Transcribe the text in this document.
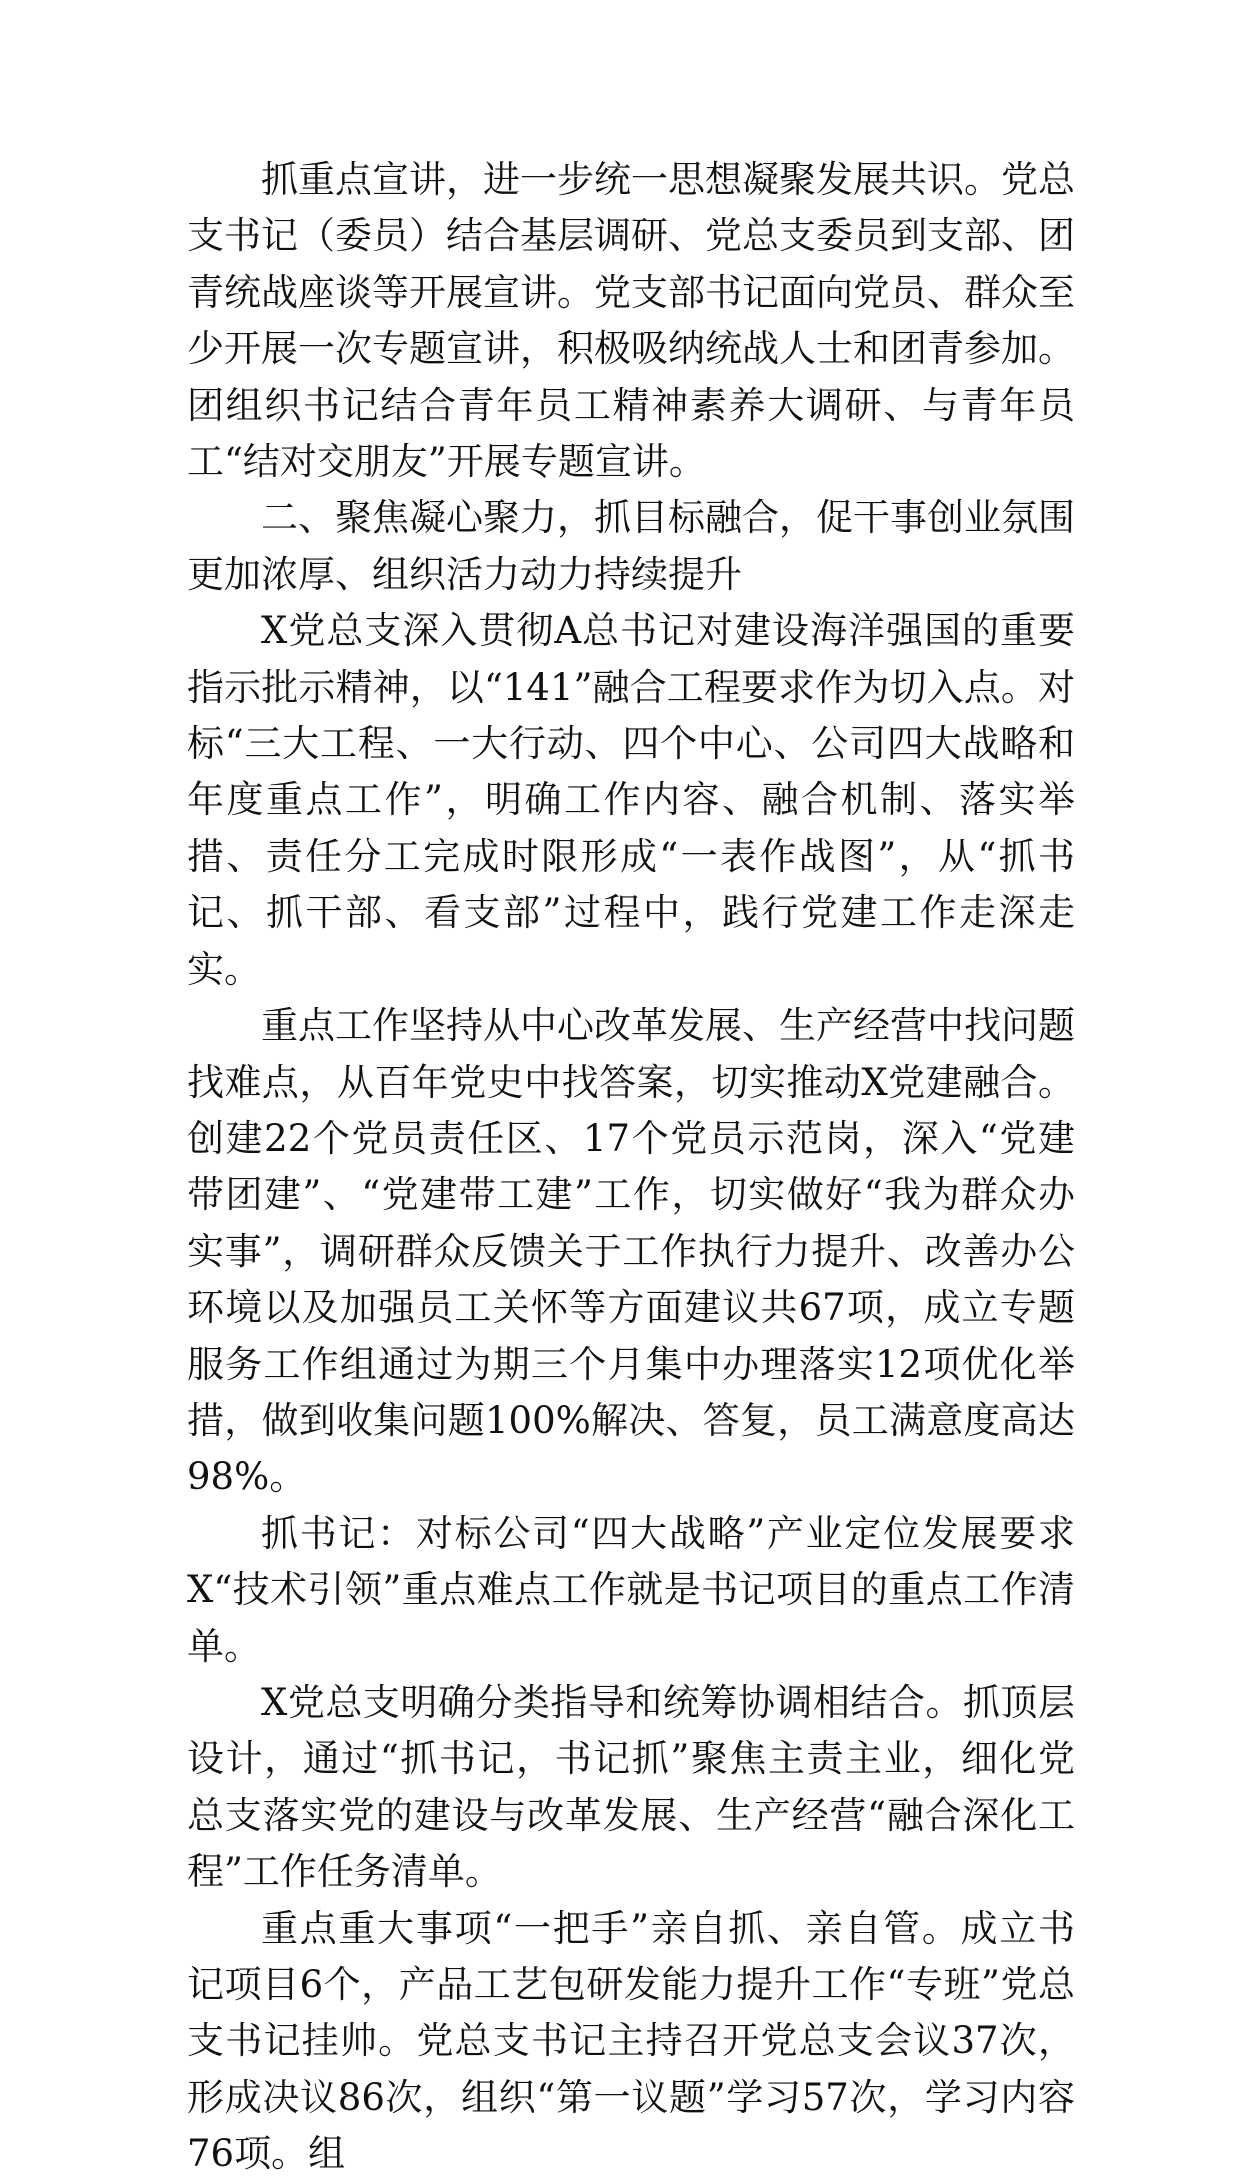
抓重点宣讲，进一步统一思想凝聚发展共识。党总支书记（委员）结合基层调研、党总支委员到支部、团青统战座谈等开展宣讲。党支部书记面向党员、群众至少开展一次专题宣讲，积极吸纳统战人士和团青参加。团组织书记结合青年员工精神素养大调研、与青年员工“结对交朋友”开展专题宣讲。

二、聚焦凝心聚力，抓目标融合，促干事创业氛围更加浓厚、组织活力动力持续提升

X党总支深入贯彻A总书记对建设海洋强国的重要指示批示精神，以“141”融合工程要求作为切入点。对标“三大工程、一大行动、四个中心、公司四大战略和年度重点工作”，明确工作内容、融合机制、落实举措、责任分工完成时限形成“一表作战图”，从“抓书记、抓干部、看支部”过程中，践行党建工作走深走实。

重点工作坚持从中心改革发展、生产经营中找问题找难点，从百年党史中找答案，切实推动X党建融合。创建22个党员责任区、17个党员示范岗，深入“党建带团建”、“党建带工建”工作，切实做好“我为群众办实事”，调研群众反馈关于工作执行力提升、改善办公环境以及加强员工关怀等方面建议共67项，成立专题服务工作组通过为期三个月集中办理落实12项优化举措，做到收集问题100%解决、答复，员工满意度高达98%。

抓书记：对标公司“四大战略”产业定位发展要求X“技术引领”重点难点工作就是书记项目的重点工作清单。

X党总支明确分类指导和统筹协调相结合。抓顶层设计，通过“抓书记，书记抓”聚焦主责主业，细化党总支落实党的建设与改革发展、生产经营“融合深化工程”工作任务清单。

重点重大事项“一把手”亲自抓、亲自管。成立书记项目6个，产品工艺包研发能力提升工作“专班”党总支书记挂帅。党总支书记主持召开党总支会议37次，形成决议86次，组织“第一议题”学习57次，学习内容76项。组
